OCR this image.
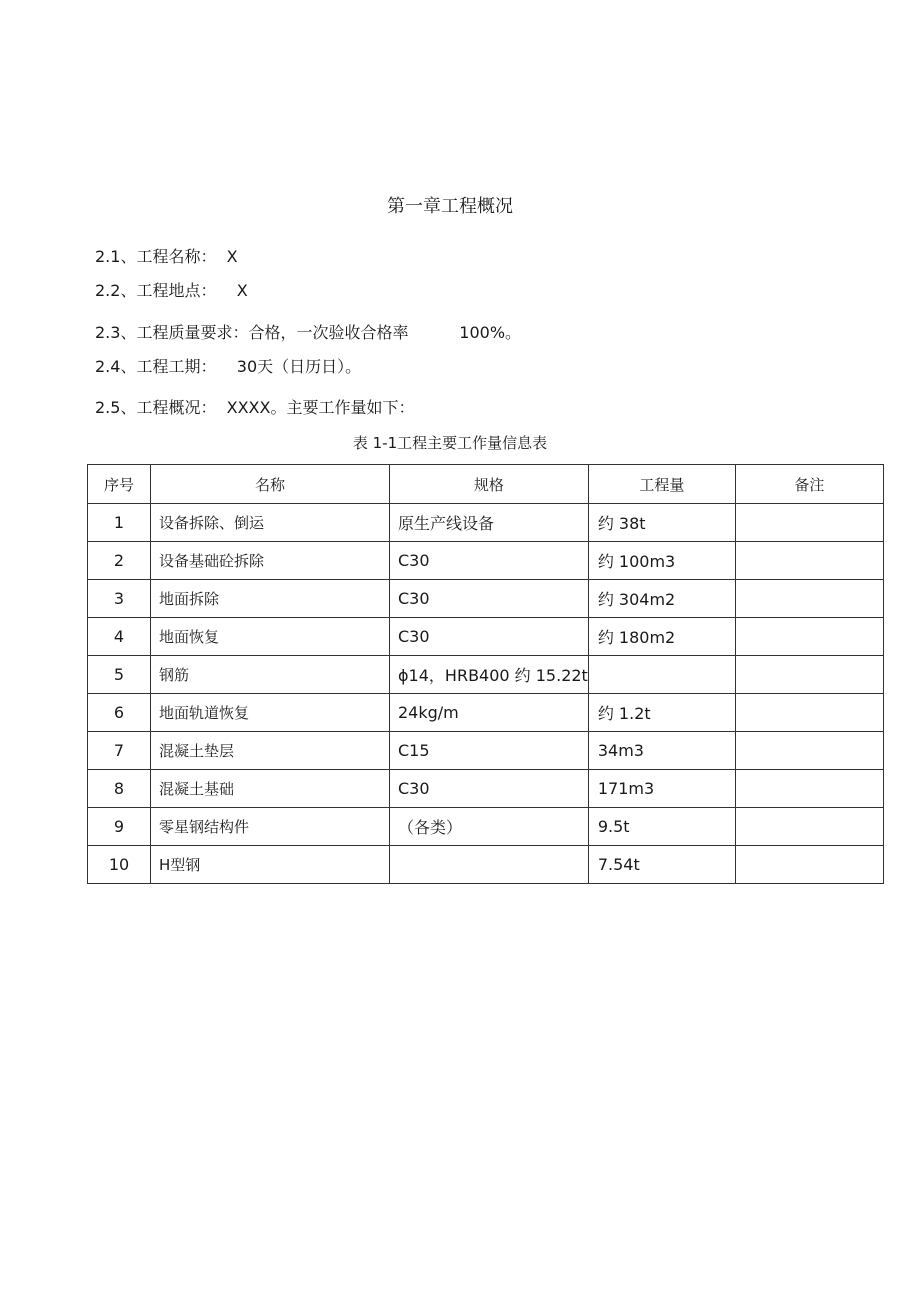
第一章工程概况
2.1、工程名称：  X
2.2、工程地点：    X
2.3、工程质量要求：合格，一次验收合格率          100%。
2.4、工程工期：    30天（日历日）。
2.5、工程概况：  XXXX。主要工作量如下：
表 1-1工程主要工作量信息表
序号	名称	规格	工程量	备注
1	设备拆除、倒运	原生产线设备	约 38t	
2	设备基础砼拆除	C30	约 100m3	
3	地面拆除	C30	约 304m2	
4	地面恢复	C30	约 180m2	
5	钢筋	ϕ14，HRB400 约 15.22t		
6	地面轨道恢复	24kg/m	约 1.2t	
7	混凝土垫层	C15	34m3	
8	混凝土基础	C30	171m3	
9	零星钢结构件	（各类）	9.5t	
10	H型钢		7.54t	
